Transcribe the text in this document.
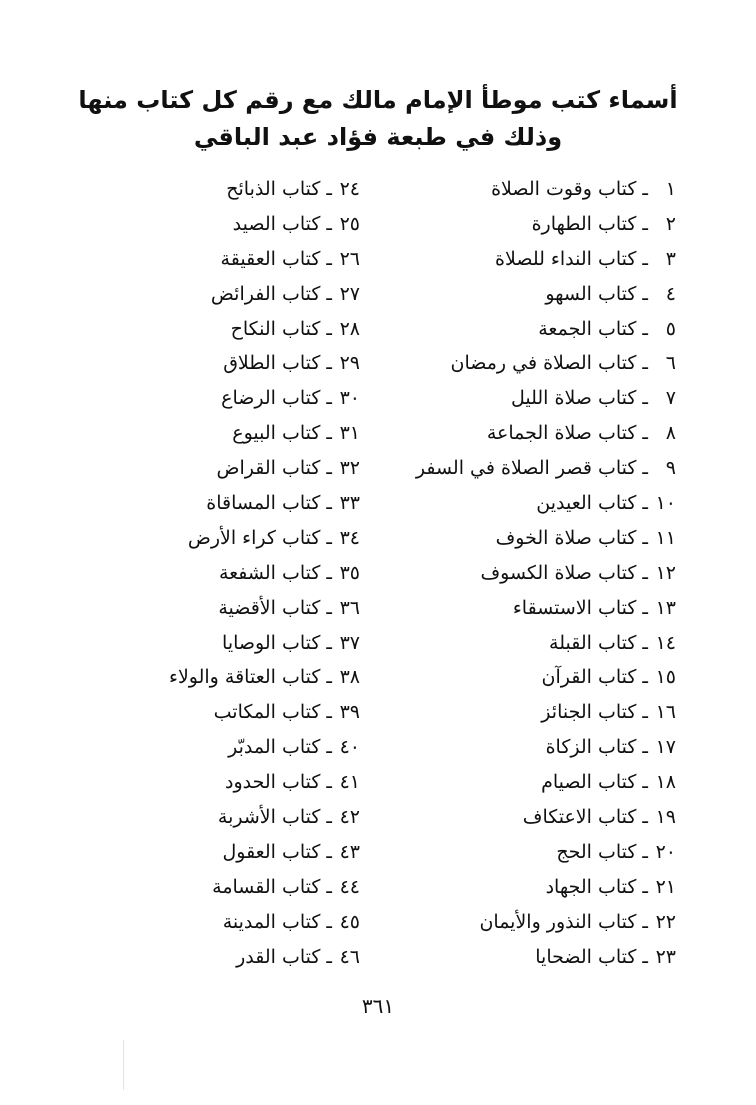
أسماء كتب موطأ الإمام مالك مع رقم كل كتاب منها
وذلك في طبعة فؤاد عبد الباقي
١
ـ
كتاب وقوت الصلاة
٢
ـ
كتاب الطهارة
٣
ـ
كتاب النداء للصلاة
٤
ـ
كتاب السهو
٥
ـ
كتاب الجمعة
٦
ـ
كتاب الصلاة في رمضان
٧
ـ
كتاب صلاة الليل
٨
ـ
كتاب صلاة الجماعة
٩
ـ
كتاب قصر الصلاة في السفر
١٠
ـ
كتاب العيدين
١١
ـ
كتاب صلاة الخوف
١٢
ـ
كتاب صلاة الكسوف
١٣
ـ
كتاب الاستسقاء
١٤
ـ
كتاب القبلة
١٥
ـ
كتاب القرآن
١٦
ـ
كتاب الجنائز
١٧
ـ
كتاب الزكاة
١٨
ـ
كتاب الصيام
١٩
ـ
كتاب الاعتكاف
٢٠
ـ
كتاب الحج
٢١
ـ
كتاب الجهاد
٢٢
ـ
كتاب النذور والأيمان
٢٣
ـ
كتاب الضحايا
٢٤
ـ
كتاب الذبائح
٢٥
ـ
كتاب الصيد
٢٦
ـ
كتاب العقيقة
٢٧
ـ
كتاب الفرائض
٢٨
ـ
كتاب النكاح
٢٩
ـ
كتاب الطلاق
٣٠
ـ
كتاب الرضاع
٣١
ـ
كتاب البيوع
٣٢
ـ
كتاب القراض
٣٣
ـ
كتاب المساقاة
٣٤
ـ
كتاب كراء الأرض
٣٥
ـ
كتاب الشفعة
٣٦
ـ
كتاب الأقضية
٣٧
ـ
كتاب الوصايا
٣٨
ـ
كتاب العتاقة والولاء
٣٩
ـ
كتاب المكاتب
٤٠
ـ
كتاب المدبّر
٤١
ـ
كتاب الحدود
٤٢
ـ
كتاب الأشربة
٤٣
ـ
كتاب العقول
٤٤
ـ
كتاب القسامة
٤٥
ـ
كتاب المدينة
٤٦
ـ
كتاب القدر
٣٦١
